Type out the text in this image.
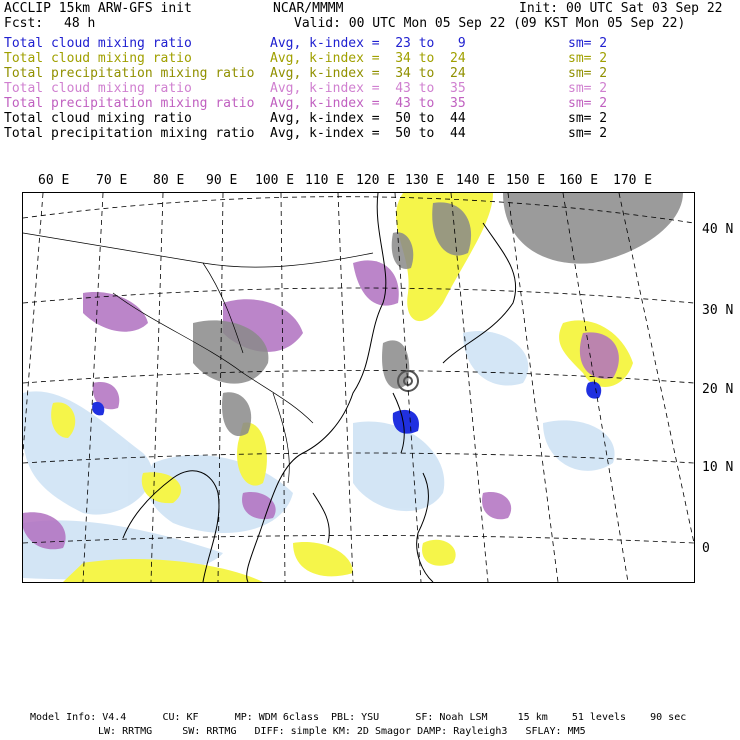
ACCLIP 15km ARW-GFS init	NCAR/MMMM	Init: 00 UTC Sat 03 Sep 22
Fcst: 48 h	Valid: 00 UTC Mon 05 Sep 22 (09 KST Mon 05 Sep 22)
Total cloud mixing ratio	Avg, k-index =  23 to   9	sm= 2
Total cloud mixing ratio	Avg, k-index =  34 to  24	sm= 2
Total precipitation mixing ratio Avg, k-index =  34 to  24	sm= 2
Total cloud mixing ratio	Avg, k-index =  43 to  35	sm= 2
Total precipitation mixing ratio Avg, k-index =  43 to  35	sm= 2
Total cloud mixing ratio	Avg, k-index =  50 to  44	sm= 2
Total precipitation mixing ratio Avg, k-index =  50 to  44	sm= 2
60 E 70 E 80 E 90 E 100 E 110 E 120 E 130 E 140 E 150 E 160 E 170 E
40 N
30 N
20 N
10 N
0
Model Info: V4.4      CU: KF      MP: WDM 6class  PBL: YSU      SF: Noah LSM     15 km    51 levels    90 sec
LW: RRTMG     SW: RRTMG   DIFF: simple KM: 2D Smagor DAMP: Rayleigh3   SFLAY: MM5
